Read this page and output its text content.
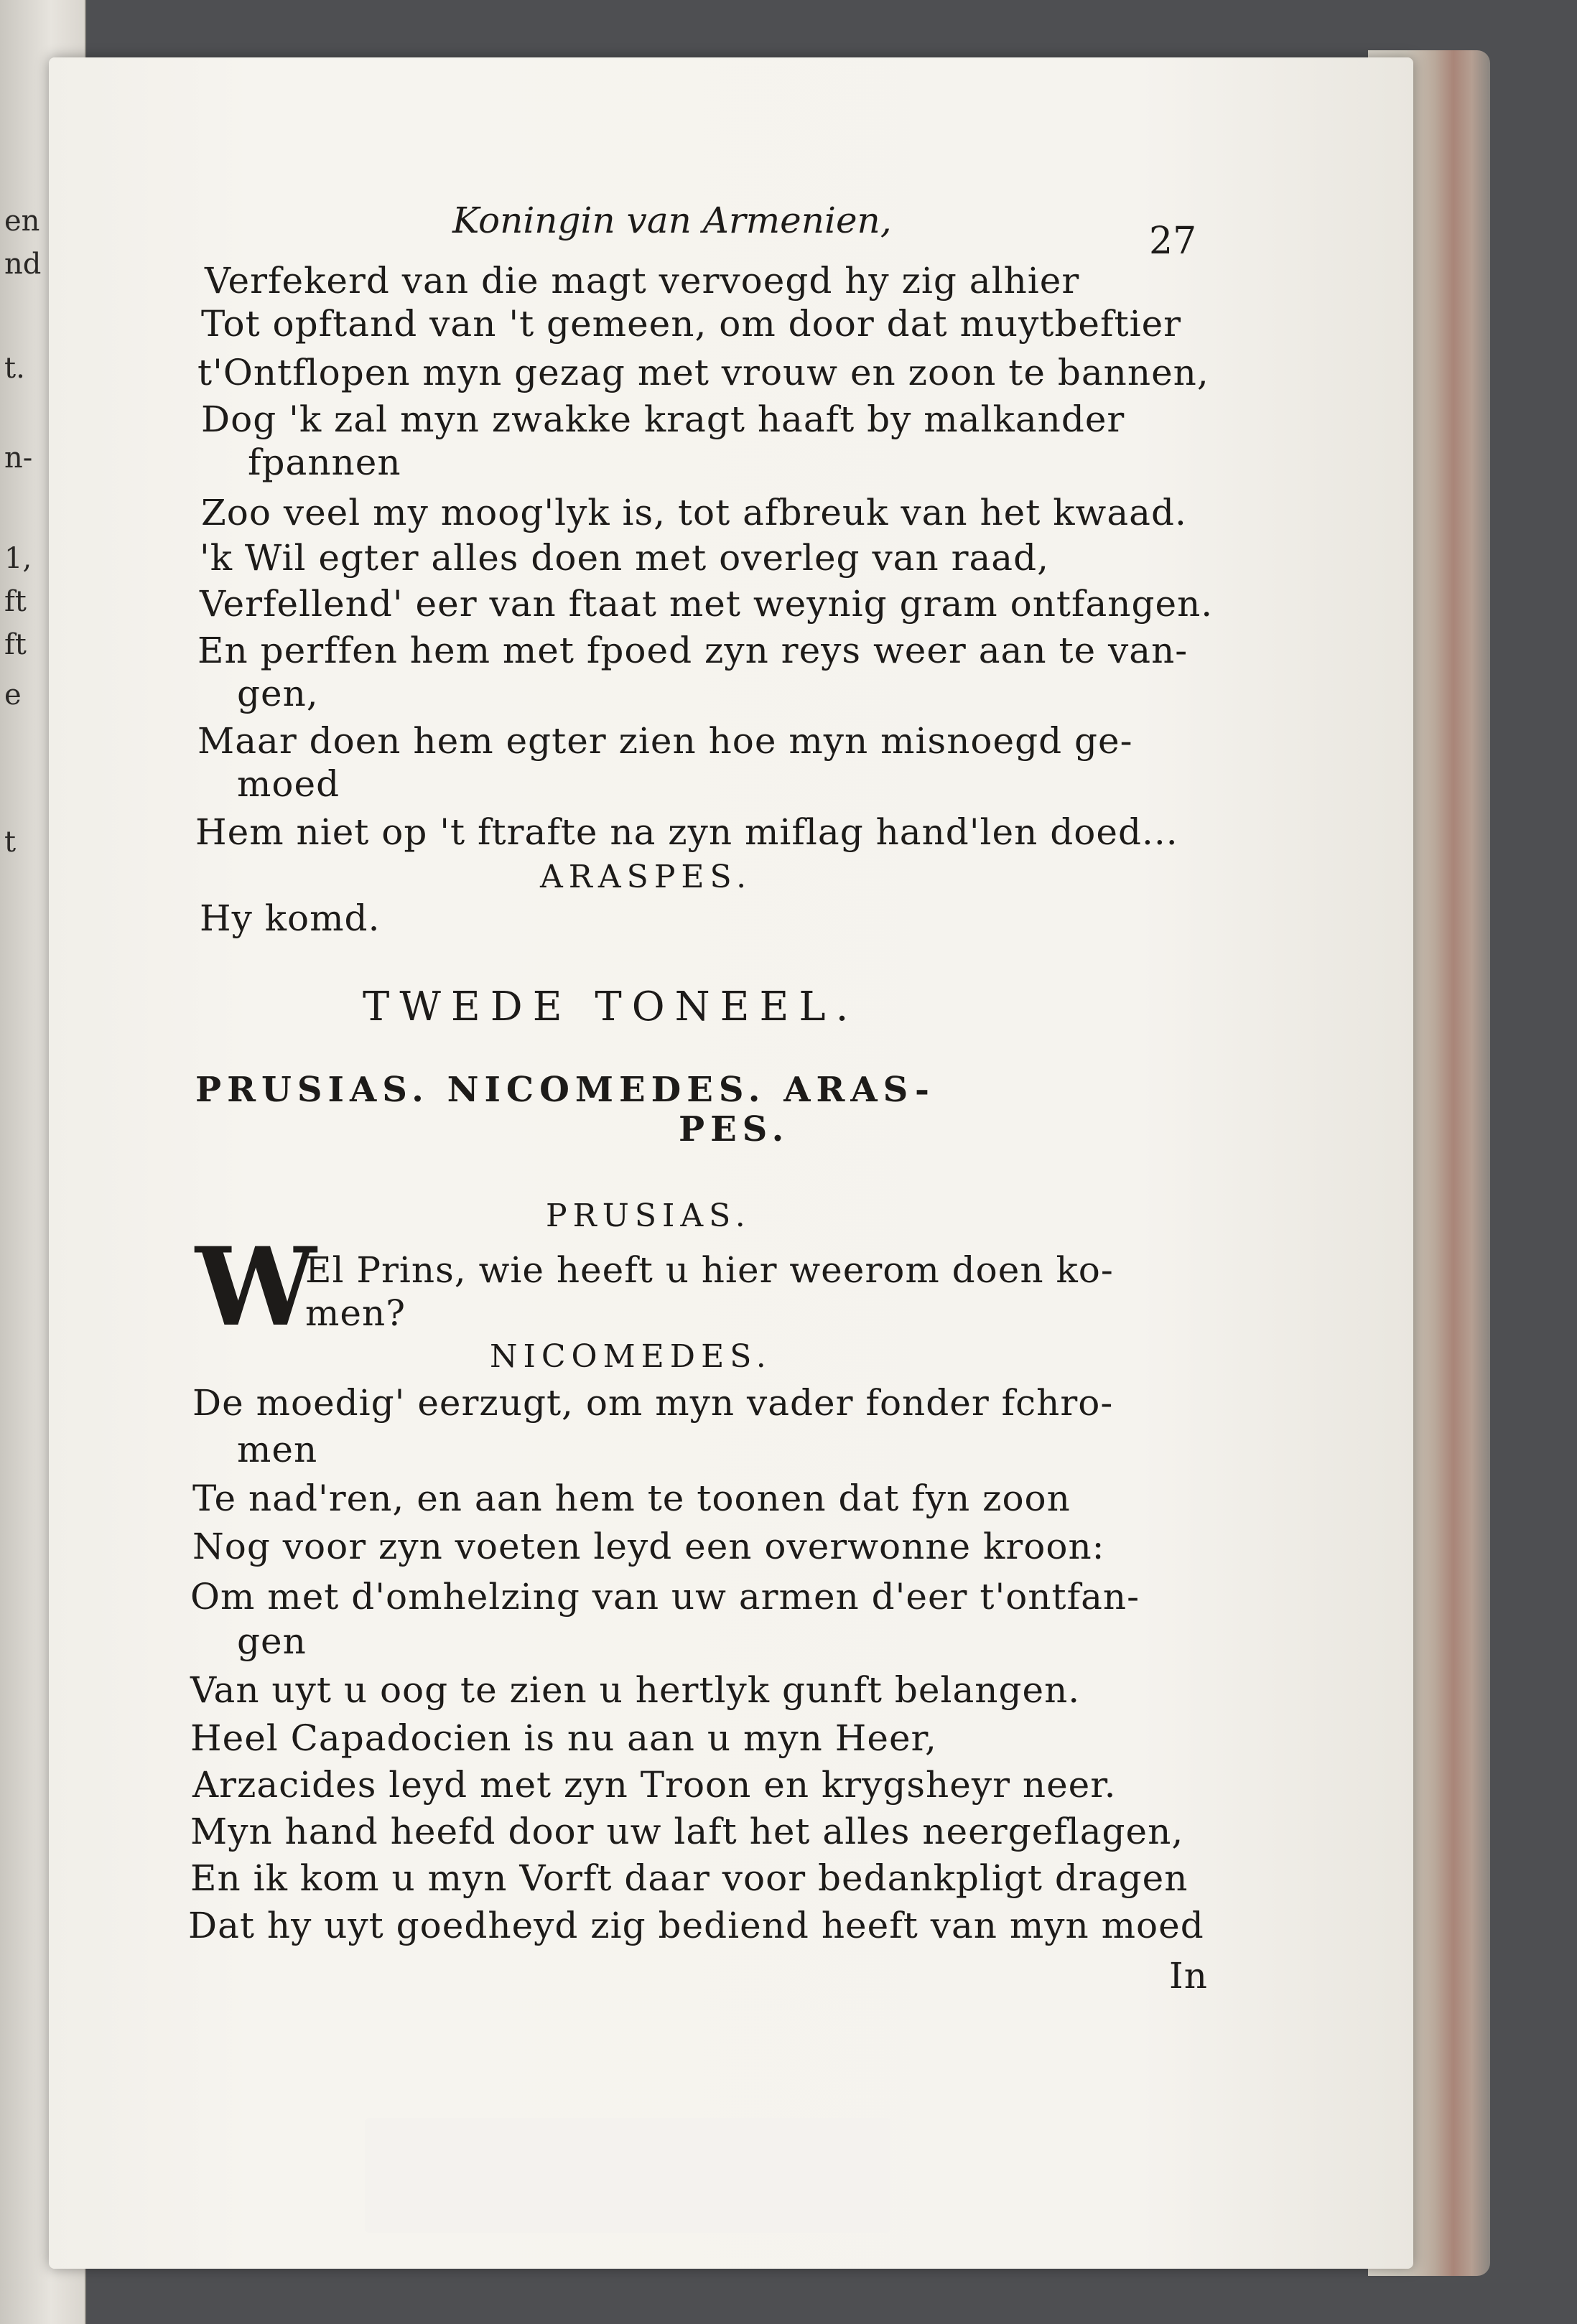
en
nd
t.
n-
1,
ft
ft
e
t
Koningin van Armenien,	27
Verfekerd van die magt vervoegd hy zig alhier
Tot opftand van 't gemeen, om door dat muytbeftier
t'Ontflopen myn gezag met vrouw en zoon te bannen,
Dog 'k zal myn zwakke kragt haaft by malkander
fpannen
Zoo veel my moog'lyk is, tot afbreuk van het kwaad.
'k Wil egter alles doen met overleg van raad,
Verfellend' eer van ftaat met weynig gram ontfangen.
En perffen hem met fpoed zyn reys weer aan te van-
gen,
Maar doen hem egter zien hoe myn misnoegd ge-
moed
Hem niet op 't ftrafte na zyn miflag hand'len doed...
ARASPES.
Hy komd.
TWEDE TONEEL.
PRUSIAS. NICOMEDES. ARAS-
PES.
PRUSIAS.
W
El Prins, wie heeft u hier weerom doen ko-
men?
NICOMEDES.
De moedig' eerzugt, om myn vader fonder fchro-
men
Te nad'ren, en aan hem te toonen dat fyn zoon
Nog voor zyn voeten leyd een overwonne kroon:
Om met d'omhelzing van uw armen d'eer t'ontfan-
gen
Van uyt u oog te zien u hertlyk gunft belangen.
Heel Capadocien is nu aan u myn Heer,
Arzacides leyd met zyn Troon en krygsheyr neer.
Myn hand heefd door uw laft het alles neergeflagen,
En ik kom u myn Vorft daar voor bedankpligt dragen
Dat hy uyt goedheyd zig bediend heeft van myn moed
In
